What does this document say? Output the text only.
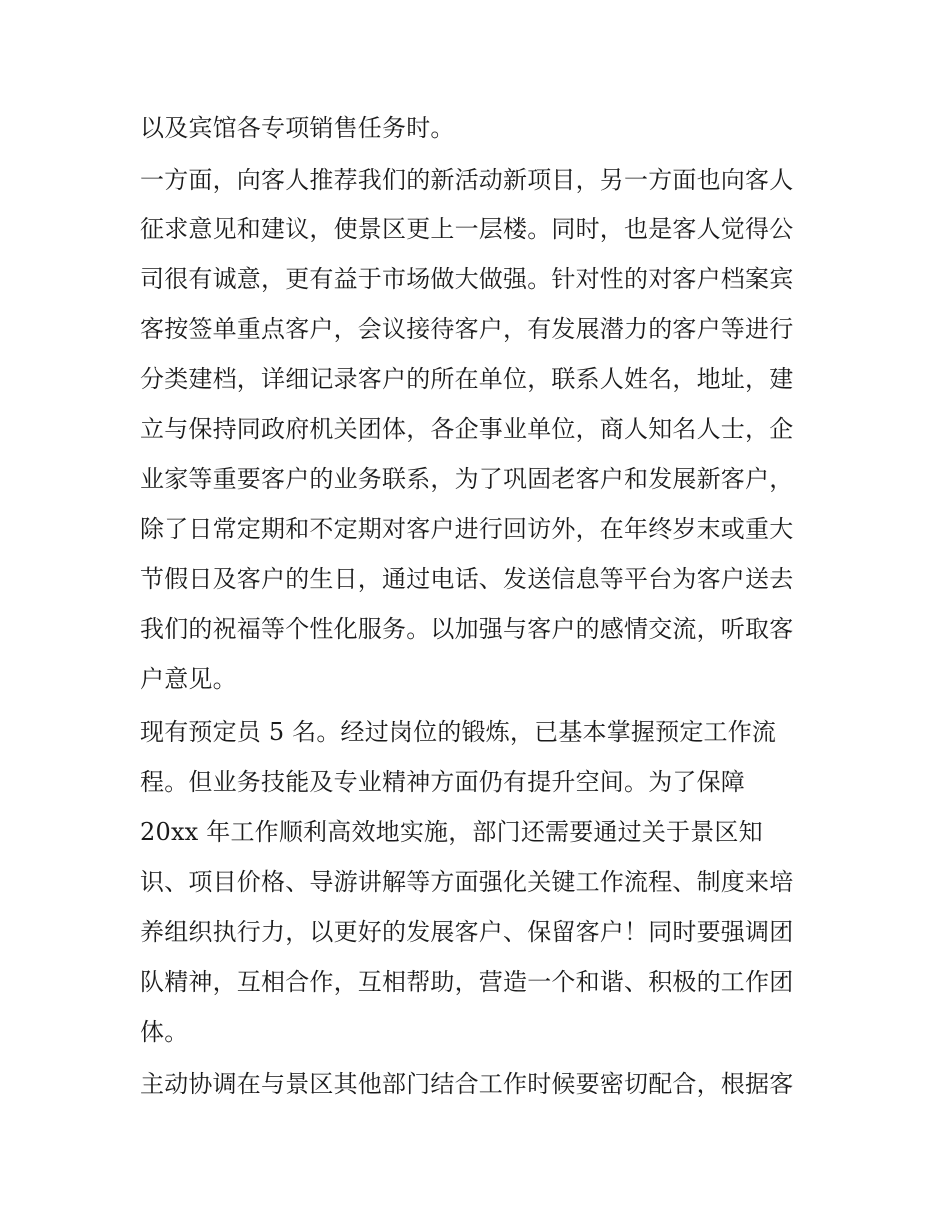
以及宾馆各专项销售任务时。
一方面，向客人推荐我们的新活动新项目，另一方面也向客人
征求意见和建议，使景区更上一层楼。同时，也是客人觉得公
司很有诚意，更有益于市场做大做强。针对性的对客户档案宾
客按签单重点客户，会议接待客户，有发展潜力的客户等进行
分类建档，详细记录客户的所在单位，联系人姓名，地址，建
立与保持同政府机关团体，各企事业单位，商人知名人士，企
业家等重要客户的业务联系，为了巩固老客户和发展新客户，
除了日常定期和不定期对客户进行回访外，在年终岁末或重大
节假日及客户的生日，通过电话、发送信息等平台为客户送去
我们的祝福等个性化服务。以加强与客户的感情交流，听取客
户意见。
现有预定员 5 名。经过岗位的锻炼，已基本掌握预定工作流
程。但业务技能及专业精神方面仍有提升空间。为了保障
20xx 年工作顺利高效地实施，部门还需要通过关于景区知
识、项目价格、导游讲解等方面强化关键工作流程、制度来培
养组织执行力，以更好的发展客户、保留客户！同时要强调团
队精神，互相合作，互相帮助，营造一个和谐、积极的工作团
体。
主动协调在与景区其他部门结合工作时候要密切配合，根据客
